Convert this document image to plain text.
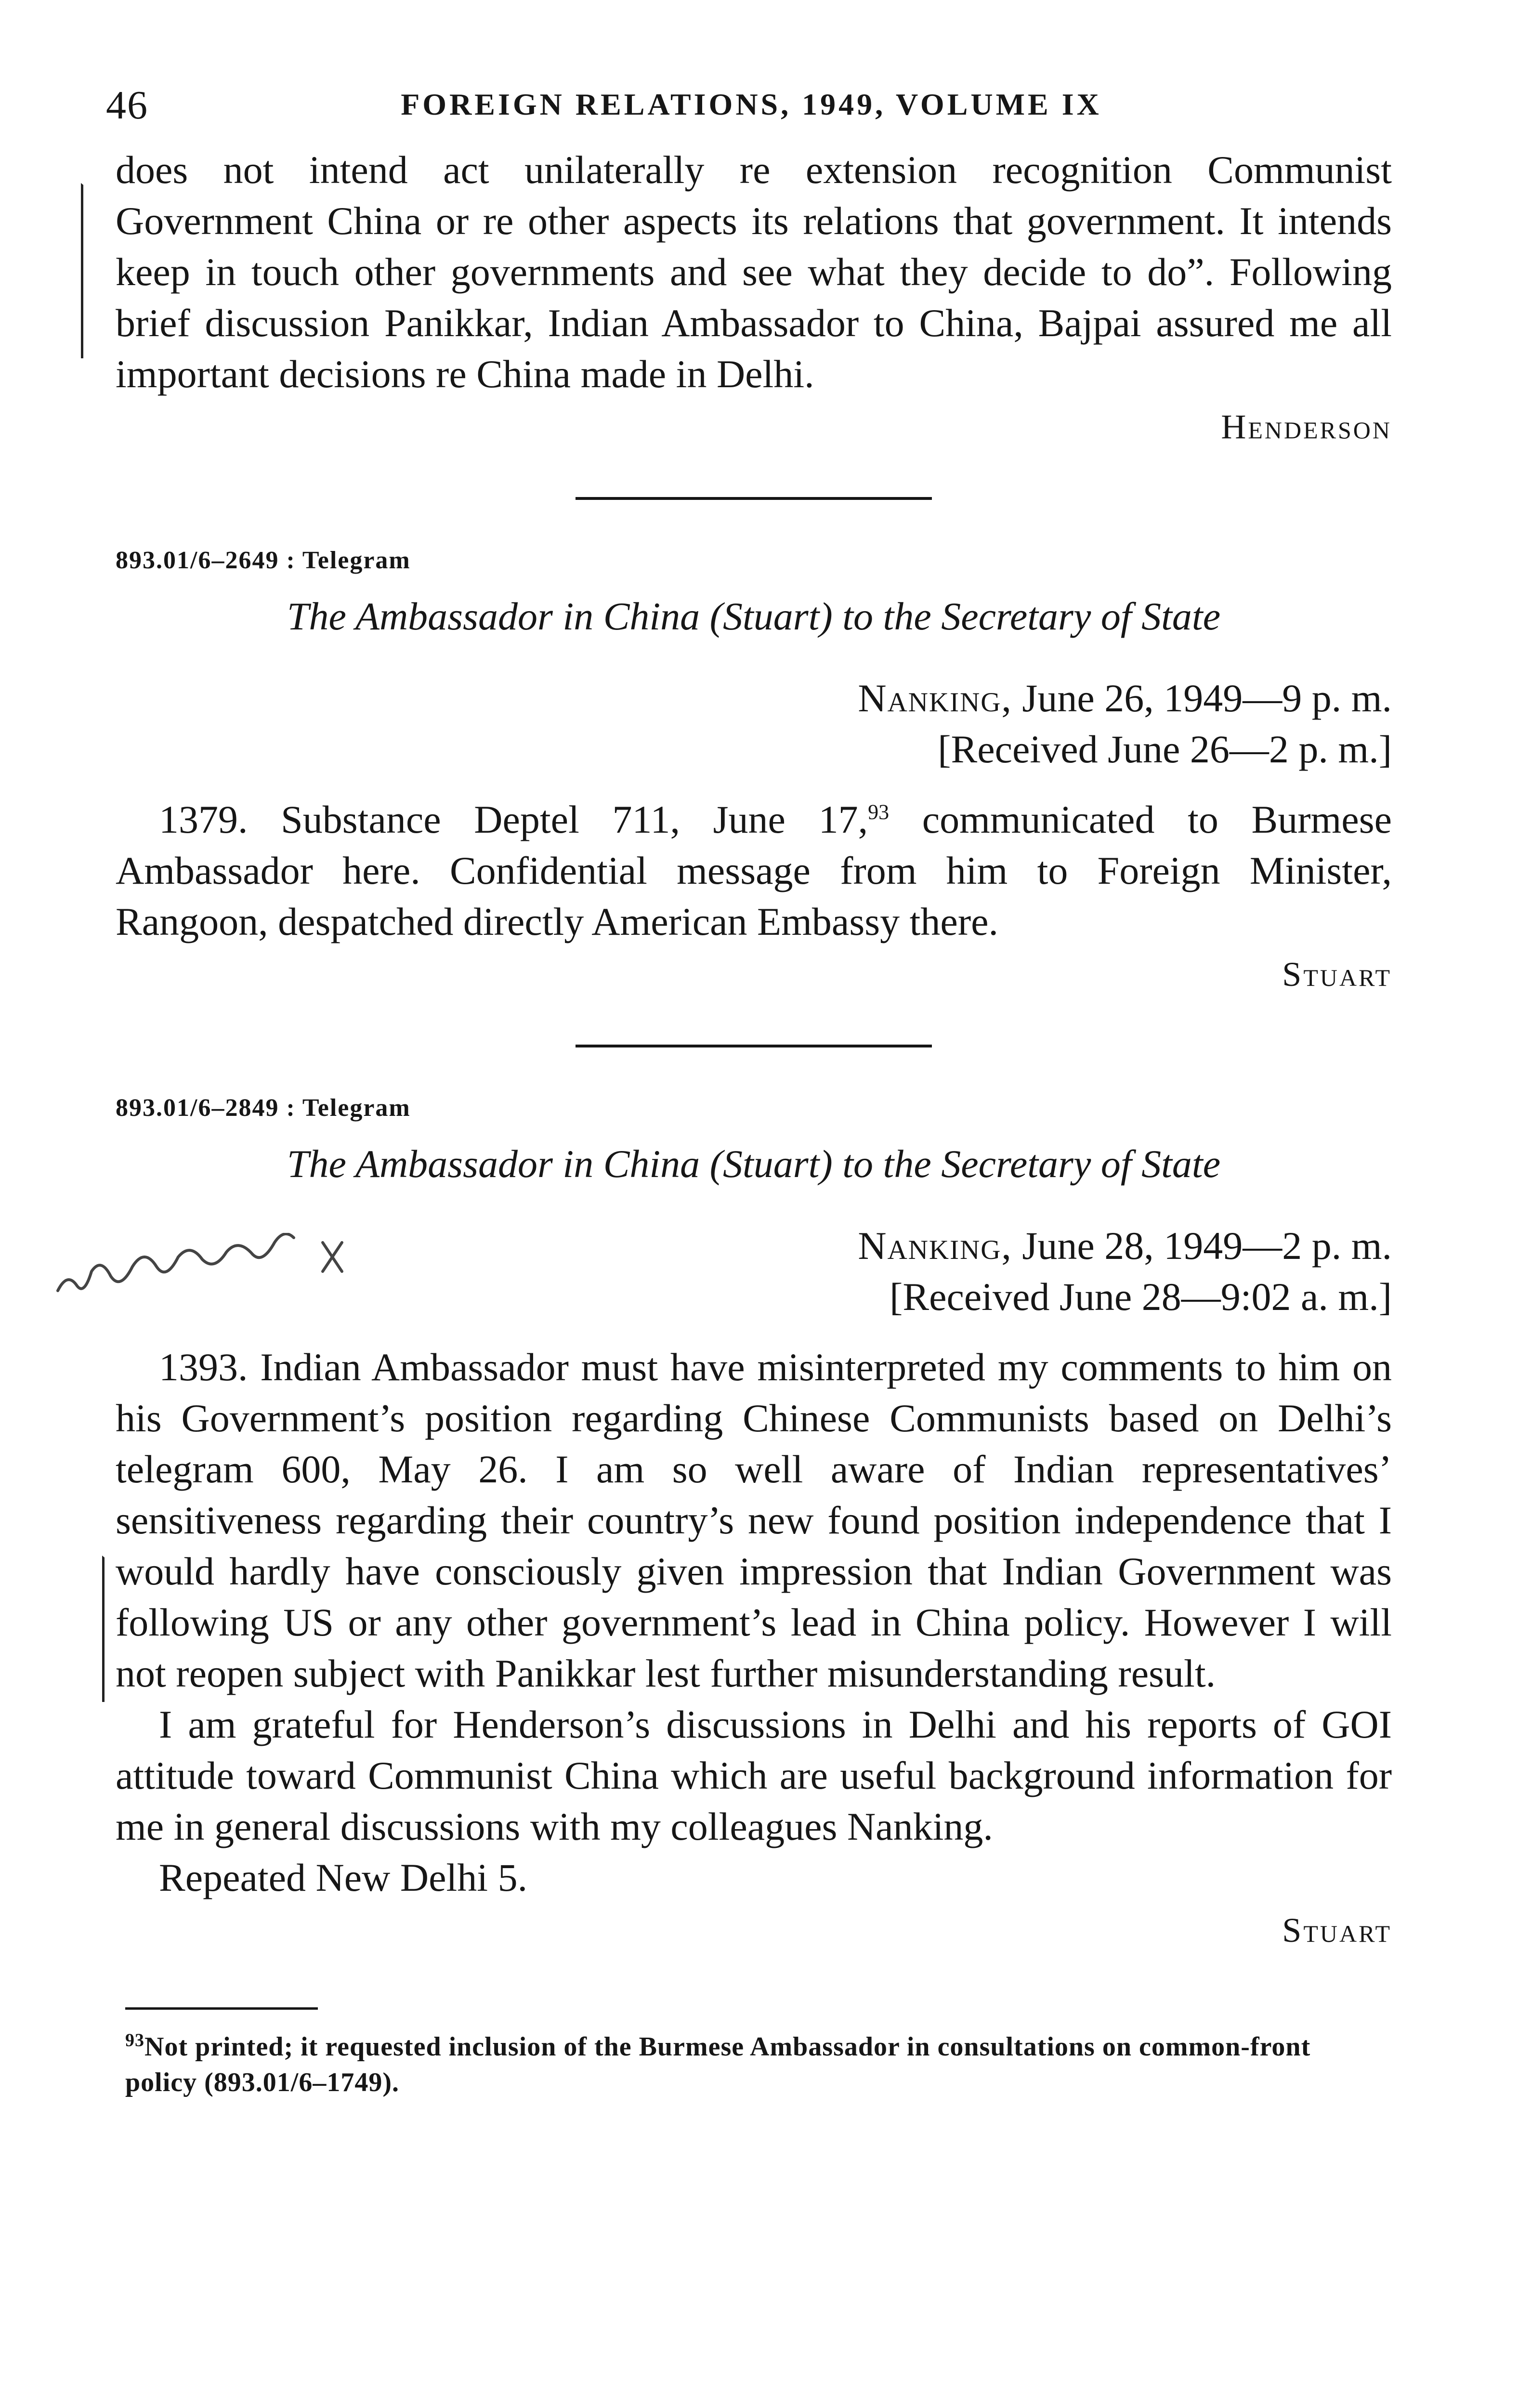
46	FOREIGN RELATIONS, 1949, VOLUME IX

does not intend act unilaterally re extension recognition Communist Government China or re other aspects its relations that government. It intends keep in touch other governments and see what they decide to do”. Following brief discussion Panikkar, Indian Ambassador to China, Bajpai assured me all important decisions re China made in Delhi.

Henderson
893.01/6–2649 : Telegram
The Ambassador in China (Stuart) to the Secretary of State
Nanking, June 26, 1949—9 p. m.
[Received June 26—2 p. m.]

1379. Substance Deptel 711, June 17,93 communicated to Burmese Ambassador here. Confidential message from him to Foreign Minister, Rangoon, despatched directly American Embassy there.

Stuart
893.01/6–2849 : Telegram
The Ambassador in China (Stuart) to the Secretary of State
Nanking, June 28, 1949—2 p. m.
[Received June 28—9:02 a. m.]

1393. Indian Ambassador must have misinterpreted my comments to him on his Government’s position regarding Chinese Communists based on Delhi’s telegram 600, May 26. I am so well aware of Indian representatives’ sensitiveness regarding their country’s new found position independence that I would hardly have consciously given impression that Indian Government was following US or any other government’s lead in China policy. However I will not reopen subject with Panikkar lest further misunderstanding result.

I am grateful for Henderson’s discussions in Delhi and his reports of GOI attitude toward Communist China which are useful background information for me in general discussions with my colleagues Nanking.

Repeated New Delhi 5.

Stuart
$^{93}$Not printed; it requested inclusion of the Burmese Ambassador in consultations on common-front policy (893.01/6–1749).
